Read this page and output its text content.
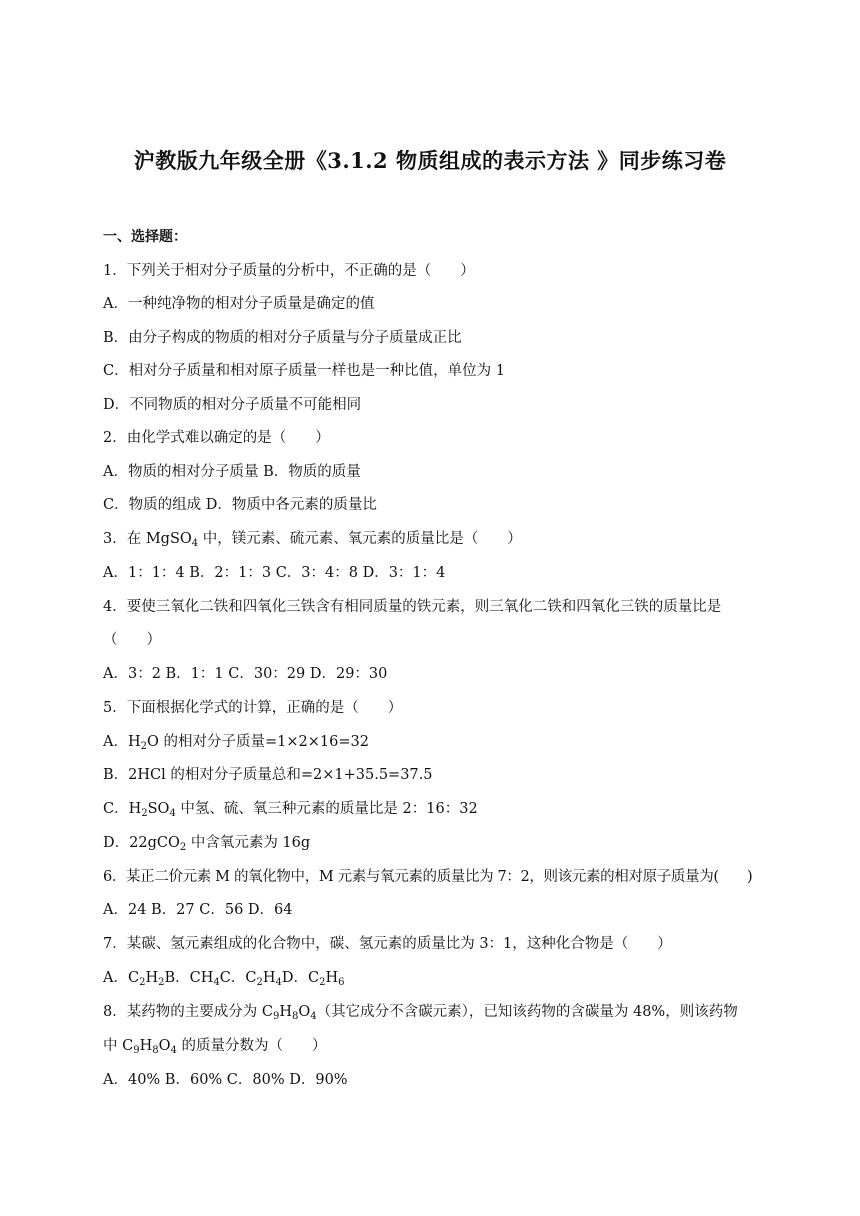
沪教版九年级全册《3.1.2 物质组成的表示方法 》同步练习卷
一、选择题：
1．下列关于相对分子质量的分析中，不正确的是（　　）
A．一种纯净物的相对分子质量是确定的值
B．由分子构成的物质的相对分子质量与分子质量成正比
C．相对分子质量和相对原子质量一样也是一种比值，单位为 1
D．不同物质的相对分子质量不可能相同
2．由化学式难以确定的是（　　）
A．物质的相对分子质量 B．物质的质量
C．物质的组成 D．物质中各元素的质量比
3．在 MgSO$_4$ 中，镁元素、硫元素、氧元素的质量比是（　　）
A．1：1：4 B．2：1：3 C．3：4：8 D．3：1：4
4．要使三氧化二铁和四氧化三铁含有相同质量的铁元素，则三氧化二铁和四氧化三铁的质量比是
（　　）
A．3：2 B．1：1 C．30：29 D．29：30
5．下面根据化学式的计算，正确的是（　　）
A．$H_2O$ 的相对分子质量=1×2×16=32
B．2HCl 的相对分子质量总和=2×1+35.5=37.5
C．$H_2SO_4$ 中氢、硫、氧三种元素的质量比是 2：16：32
D．22gCO$_2$ 中含氧元素为 16g
6．某正二价元素 M 的氧化物中，M 元素与氧元素的质量比为 7：2，则该元素的相对原子质量为(　　)
A．24 B．27 C．56 D．64
7．某碳、氢元素组成的化合物中，碳、氢元素的质量比为 3：1，这种化合物是（　　）
A．$C_2H_2B$．$CH_4C$．$C_2H_4D$．$C_2H_6$
8．某药物的主要成分为 $C_9H_8O_4$（其它成分不含碳元素），已知该药物的含碳量为 48%，则该药物
中 $C_9H_8O_4$ 的质量分数为（　　）
A．40% B．60% C．80% D．90%
